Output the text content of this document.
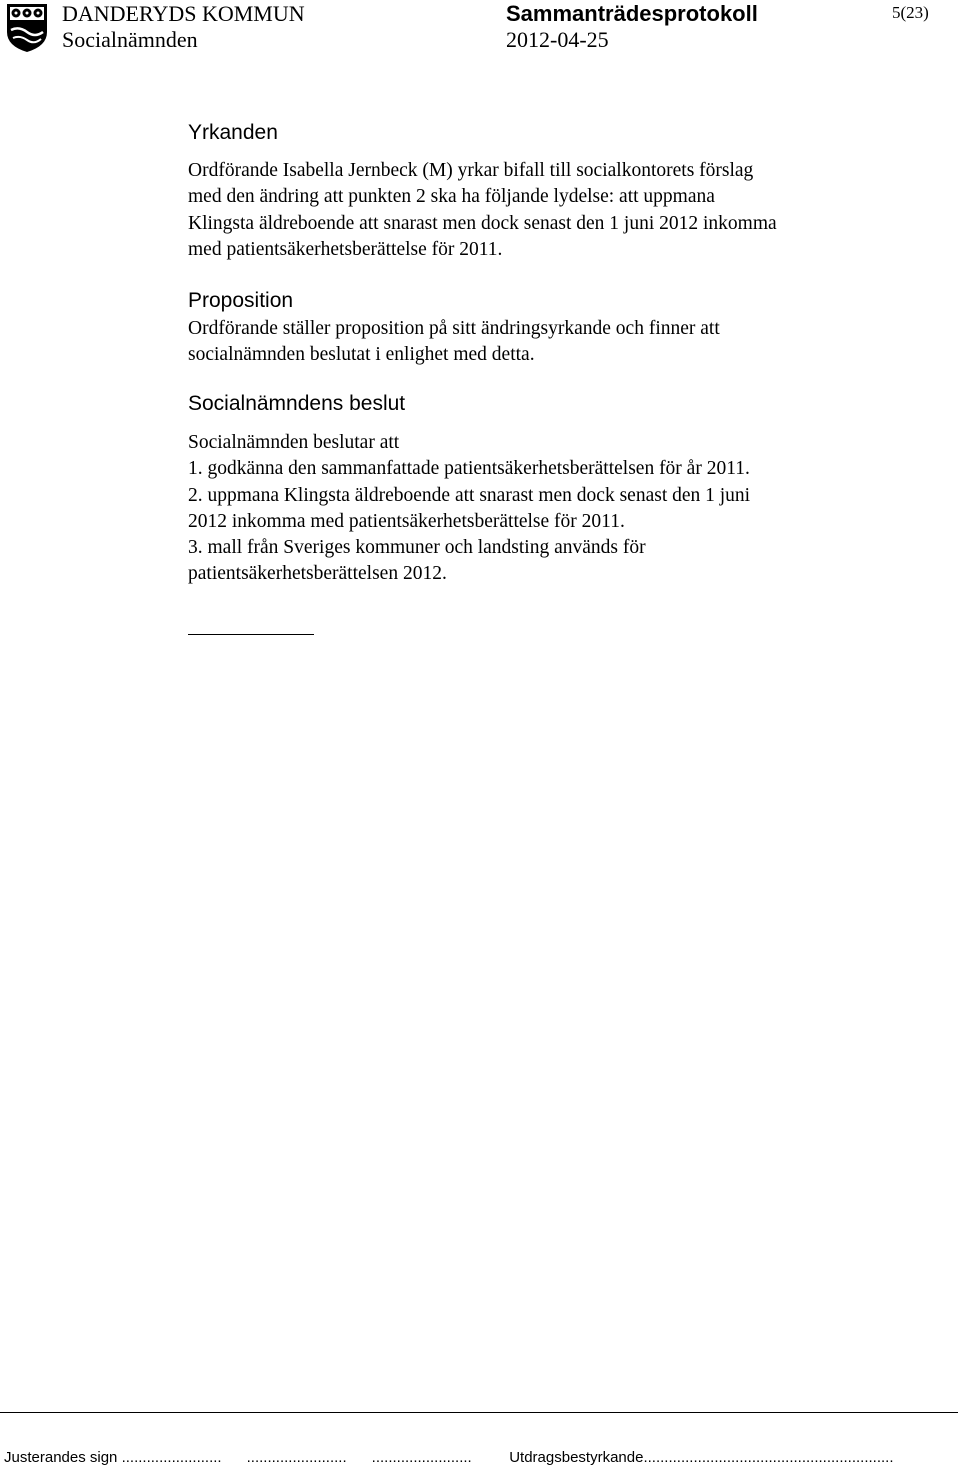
DANDERYDS KOMMUN
Socialnämnden
Sammanträdesprotokoll
2012-04-25
5(23)
Yrkanden
Ordförande Isabella Jernbeck (M) yrkar bifall till socialkontorets förslag
med den ändring att punkten 2 ska ha följande lydelse: att uppmana
Klingsta äldreboende att snarast men dock senast den 1 juni 2012 inkomma
med patientsäkerhetsberättelse för 2011.
Proposition
Ordförande ställer proposition på sitt ändringsyrkande och finner att
socialnämnden beslutat i enlighet med detta.
Socialnämndens beslut
Socialnämnden beslutar att
1. godkänna den sammanfattade patientsäkerhetsberättelsen för år 2011.
2. uppmana Klingsta äldreboende att snarast men dock senast den 1 juni
2012 inkomma med patientsäkerhetsberättelse för 2011.
3. mall från Sveriges kommuner och landsting används för
patientsäkerhetsberättelsen 2012.
Justerandes sign ........................ ........................ ........................	Utdragsbestyrkande............................................................
